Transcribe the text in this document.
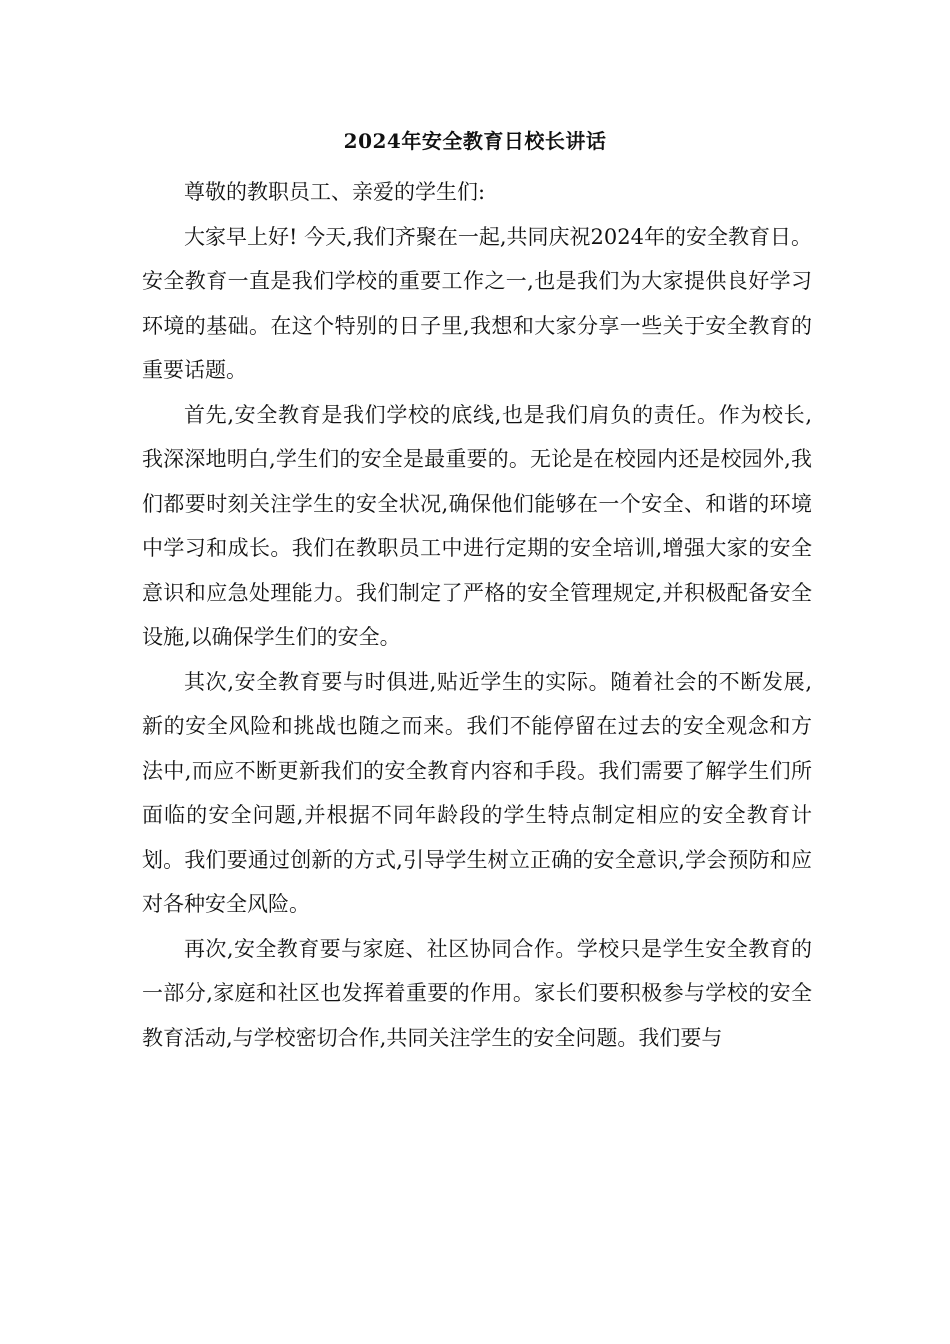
2024年安全教育日校长讲话

尊敬的教职员工、亲爱的学生们:

大家早上好! 今天,我们齐聚在一起,共同庆祝2024年的安全教育日。安全教育一直是我们学校的重要工作之一,也是我们为大家提供良好学习环境的基础。在这个特别的日子里,我想和大家分享一些关于安全教育的重要话题。

首先,安全教育是我们学校的底线,也是我们肩负的责任。作为校长,我深深地明白,学生们的安全是最重要的。无论是在校园内还是校园外,我们都要时刻关注学生的安全状况,确保他们能够在一个安全、和谐的环境中学习和成长。我们在教职员工中进行定期的安全培训,增强大家的安全意识和应急处理能力。我们制定了严格的安全管理规定,并积极配备安全设施,以确保学生们的安全。

其次,安全教育要与时俱进,贴近学生的实际。随着社会的不断发展,新的安全风险和挑战也随之而来。我们不能停留在过去的安全观念和方法中,而应不断更新我们的安全教育内容和手段。我们需要了解学生们所面临的安全问题,并根据不同年龄段的学生特点制定相应的安全教育计划。我们要通过创新的方式,引导学生树立正确的安全意识,学会预防和应对各种安全风险。

再次,安全教育要与家庭、社区协同合作。学校只是学生安全教育的一部分,家庭和社区也发挥着重要的作用。家长们要积极参与学校的安全教育活动,与学校密切合作,共同关注学生的安全问题。我们要与
